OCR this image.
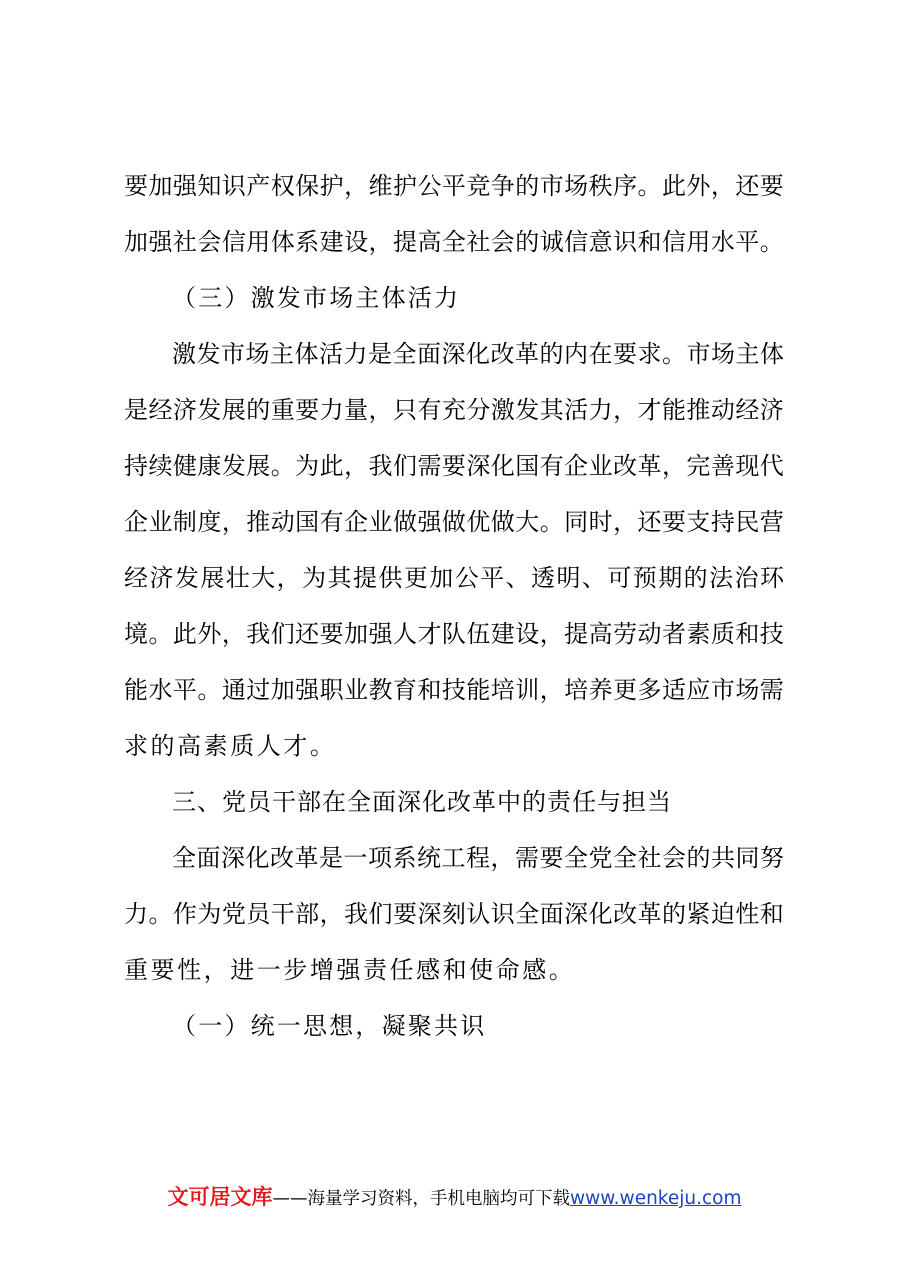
要 加 强 知 识 产 权 保 护 ， 维 护 公 平 竞 争 的 市 场 秩 序 。 此 外 ， 还 要
加 强 社 会 信 用 体 系 建 设 ， 提 高 全 社 会 的 诚 信 意 识 和 信 用 水 平 。
（三）激发市场主体活力
激 发 市 场 主 体 活 力 是 全 面 深 化 改 革 的 内 在 要 求 。 市 场 主 体
是 经 济 发 展 的 重 要 力 量 ， 只 有 充 分 激 发 其 活 力 ， 才 能 推 动 经 济
持 续 健 康 发 展 。 为 此 ， 我 们 需 要 深 化 国 有 企 业 改 革 ， 完 善 现 代
企 业 制 度 ， 推 动 国 有 企 业 做 强 做 优 做 大 。 同 时 ， 还 要 支 持 民 营
经 济 发 展 壮 大 ， 为 其 提 供 更 加 公 平 、 透 明 、 可 预 期 的 法 治 环
境 。 此 外 ， 我 们 还 要 加 强 人 才 队 伍 建 设 ， 提 高 劳 动 者 素 质 和 技
能 水 平 。 通 过 加 强 职 业 教 育 和 技 能 培 训 ， 培 养 更 多 适 应 市 场 需
求的高素质人才。
三、党员干部在全面深化改革中的责任与担当
全 面 深 化 改 革 是 一 项 系 统 工 程 ， 需 要 全 党 全 社 会 的 共 同 努
力 。 作 为 党 员 干 部 ， 我 们 要 深 刻 认 识 全 面 深 化 改 革 的 紧 迫 性 和
重要性，进一步增强责任感和使命感。
（一）统一思想，凝聚共识
文可居文库——海量学习资料，手机电脑均可下载www.wenkeju.com
